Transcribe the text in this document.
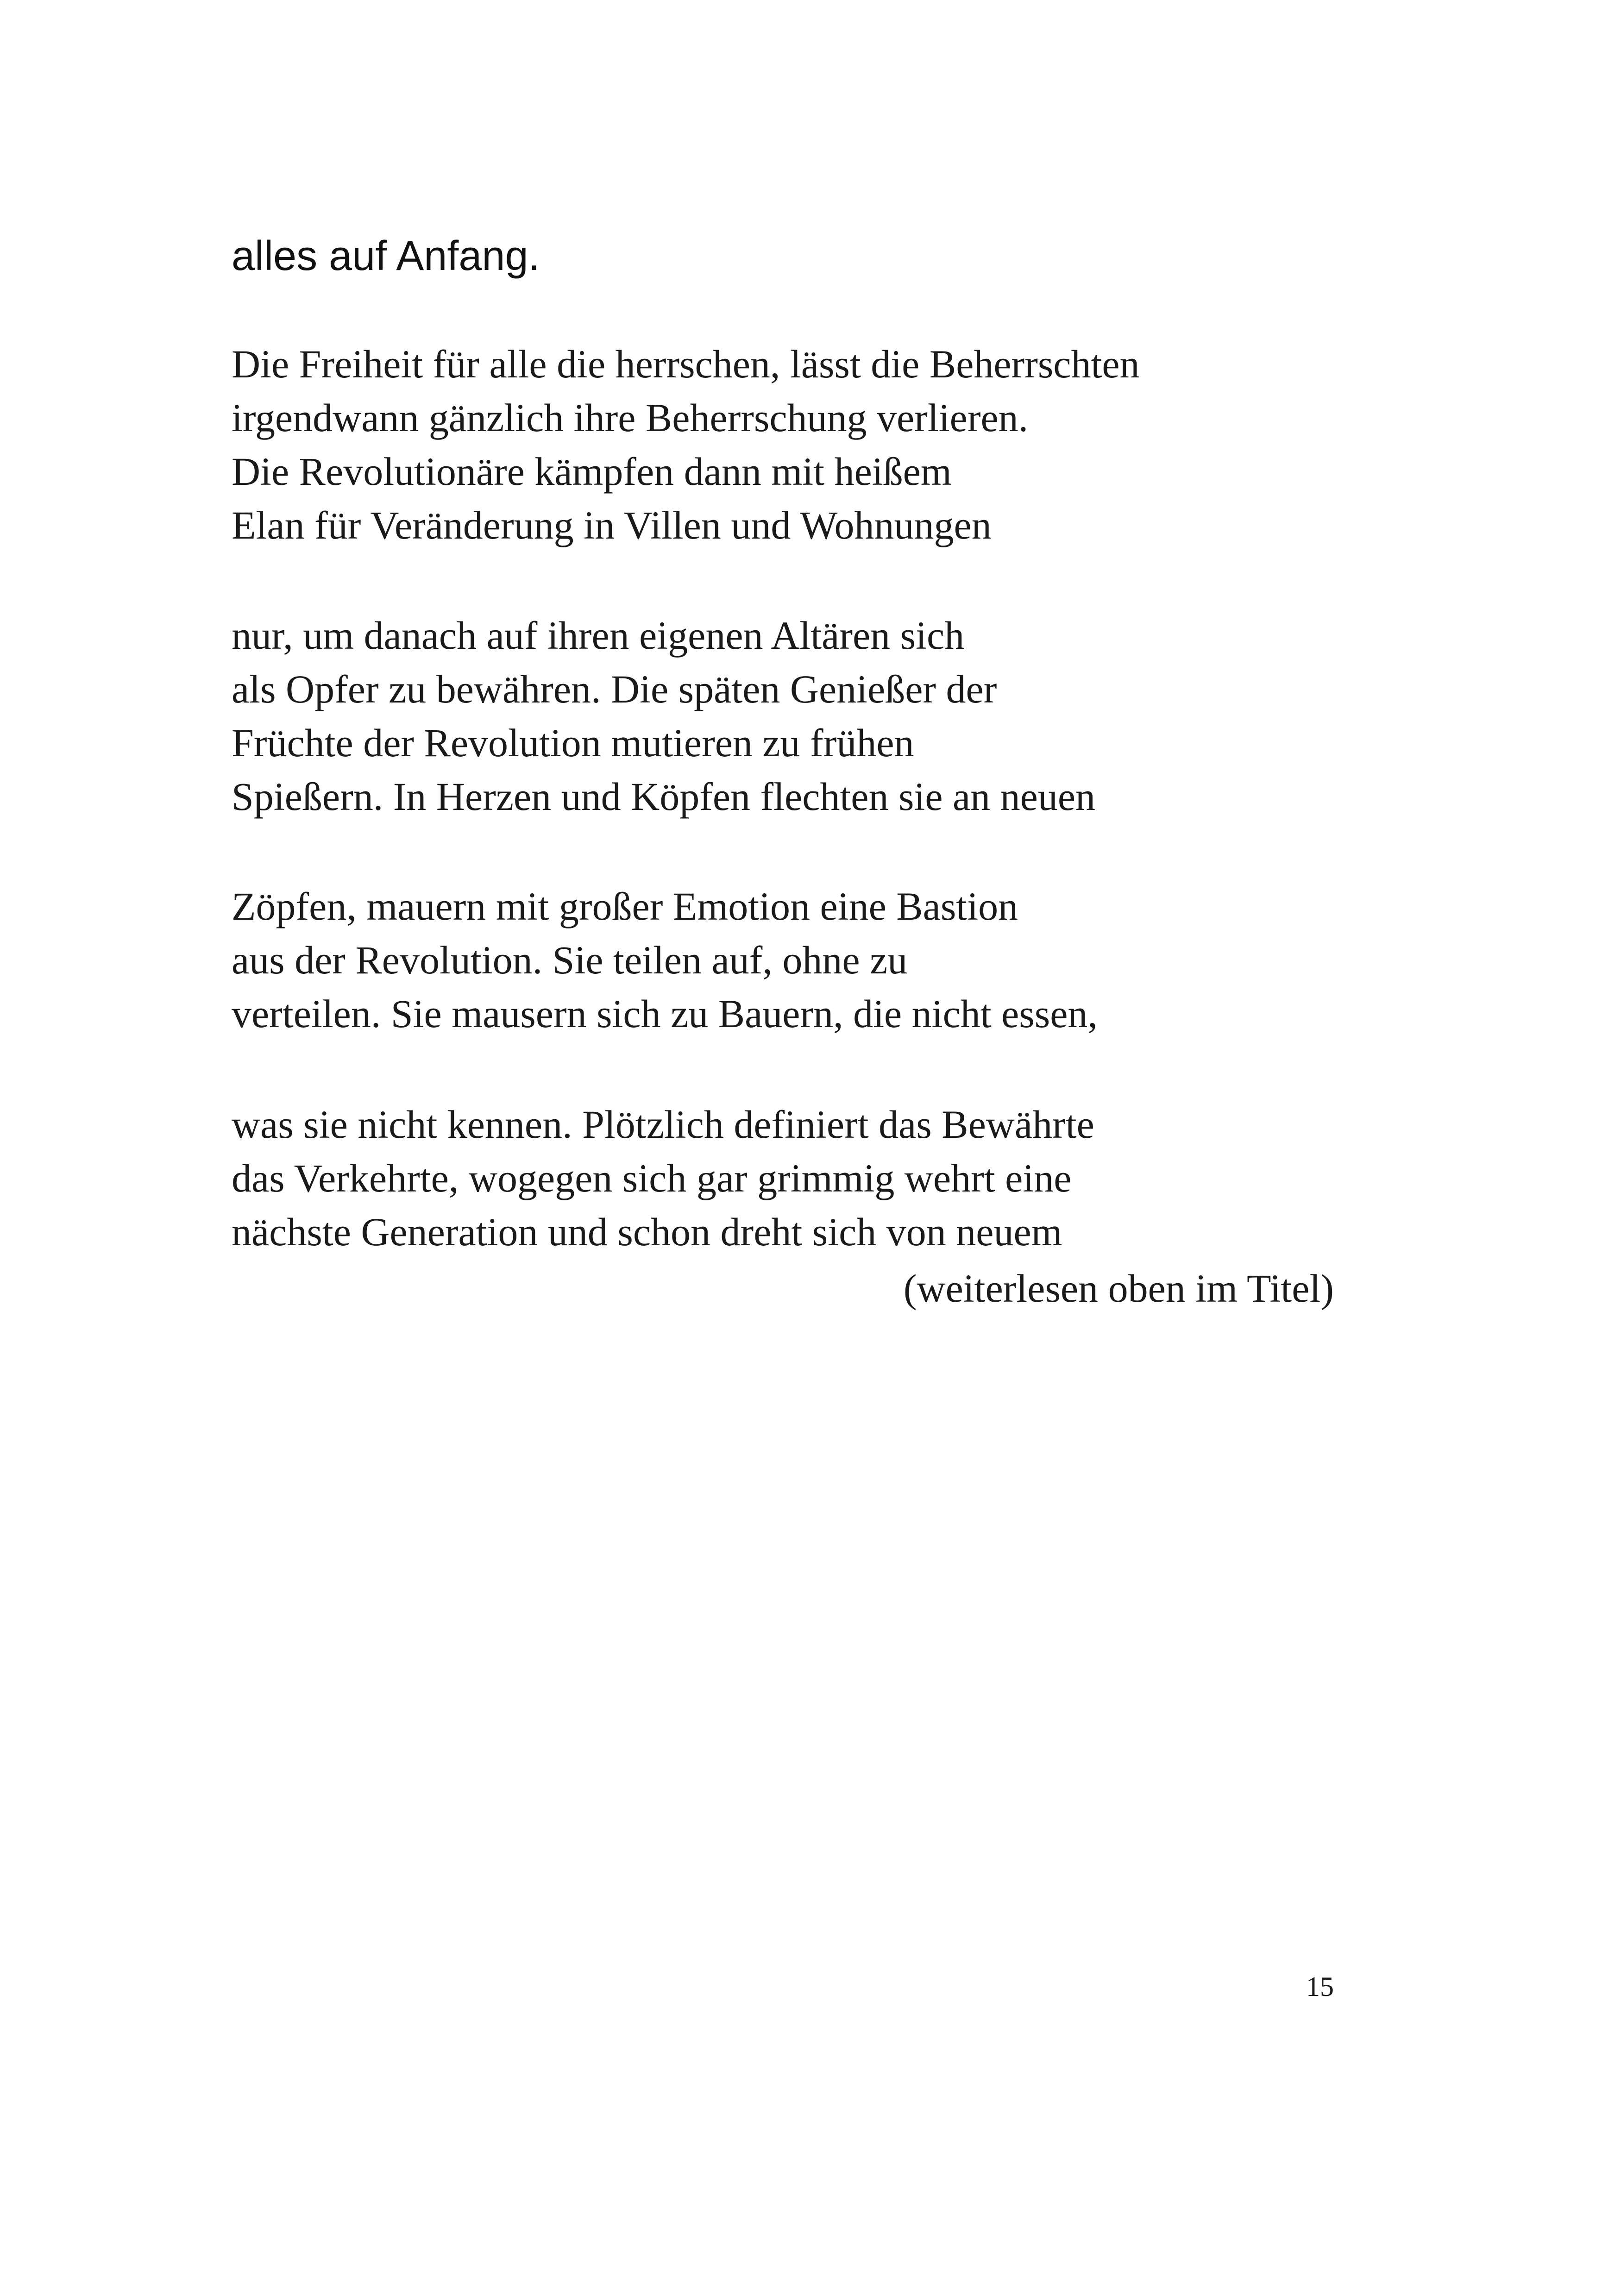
alles auf Anfang.
Die Freiheit für alle die herrschen, lässt die Beherrschten
irgendwann gänzlich ihre Beherrschung verlieren.
Die Revolutionäre kämpfen dann mit heißem
Elan für Veränderung in Villen und Wohnungen
nur, um danach auf ihren eigenen Altären sich
als Opfer zu bewähren. Die späten Genießer der
Früchte der Revolution mutieren zu frühen
Spießern. In Herzen und Köpfen flechten sie an neuen
Zöpfen, mauern mit großer Emotion eine Bastion
aus der Revolution. Sie teilen auf, ohne zu
verteilen. Sie mausern sich zu Bauern, die nicht essen,
was sie nicht kennen. Plötzlich definiert das Bewährte
das Verkehrte, wogegen sich gar grimmig wehrt eine
nächste Generation und schon dreht sich von neuem
(weiterlesen oben im Titel)
15
